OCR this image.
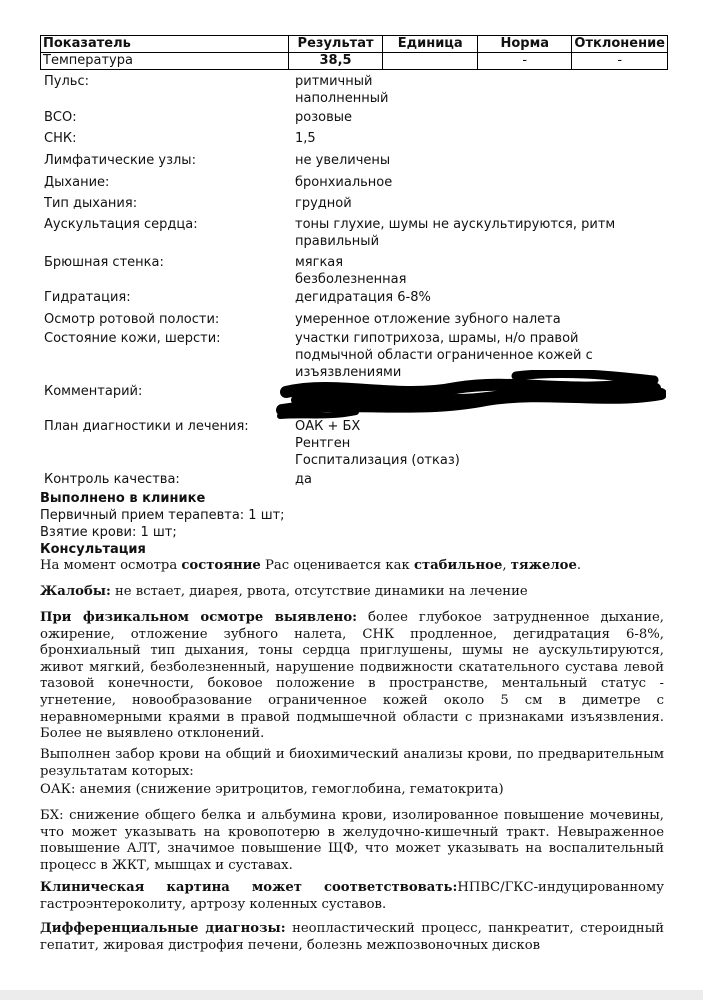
Показатель	Результат	Единица	Норма	Отклонение
Температура	38,5		-	-
Пульс:	ритмичный
наполненный
ВСО:	розовые
СНК:	1,5
Лимфатические узлы:	не увеличены
Дыхание:	бронхиальное
Тип дыхания:	грудной
Аускультация сердца:	тоны глухие, шумы не аускультируются, ритм
правильный
Брюшная стенка:	мягкая
безболезненная
Гидратация:	дегидратация 6-8%
Осмотр ротовой полости:	умеренное отложение зубного налета
Состояние кожи, шерсти:	участки гипотрихоза, шрамы, н/о правой
подмычной области ограниченное кожей с
изъязвлениями
Комментарий:
План диагностики и лечения:	ОАК + БХ
Рентген
Госпитализация (отказ)
Контроль качества:	да
Выполнено в клинике
Первичный прием терапевта: 1 шт;
Взятие крови: 1 шт;
Консультация
На момент осмотра состояние Рас оценивается как стабильное, тяжелое.
Жалобы: не встает, диарея, рвота, отсутствие динамики на лечение
При физикальном осмотре выявлено: более глубокое затрудненное дыхание, ожирение, отложение зубного налета, СНК продленное, дегидратация 6-8%, бронхиальный тип дыхания, тоны сердца приглушены, шумы не аускультируются, живот мягкий, безболезненный, нарушение подвижности скатательного сустава левой тазовой конечности, боковое положение в пространстве, ментальный статус - угнетение, новообразование ограниченное кожей около 5 см в диметре с неравномерными краями в правой подмышечной области с признаками изъязвления. Более не выявлено отклонений.
Выполнен забор крови на общий и биохимический анализы крови, по предварительным результатам которых:
ОАК: анемия (снижение эритроцитов, гемоглобина, гематокрита)
БХ: снижение общего белка и альбумина крови, изолированное повышение мочевины, что может указывать на кровопотерю в желудочно-кишечный тракт. Невыраженное повышение АЛТ, значимое повышение ЩФ, что может указывать на воспалительный процесс в ЖКТ, мышцах и суставах.
Клиническая картина может соответствовать:НПВС/ГКС-индуцированному гастроэнтероколиту, артрозу коленных суставов.
Дифференциальные диагнозы: неопластический процесс, панкреатит, стероидный гепатит, жировая дистрофия печени, болезнь межпозвоночных дисков
